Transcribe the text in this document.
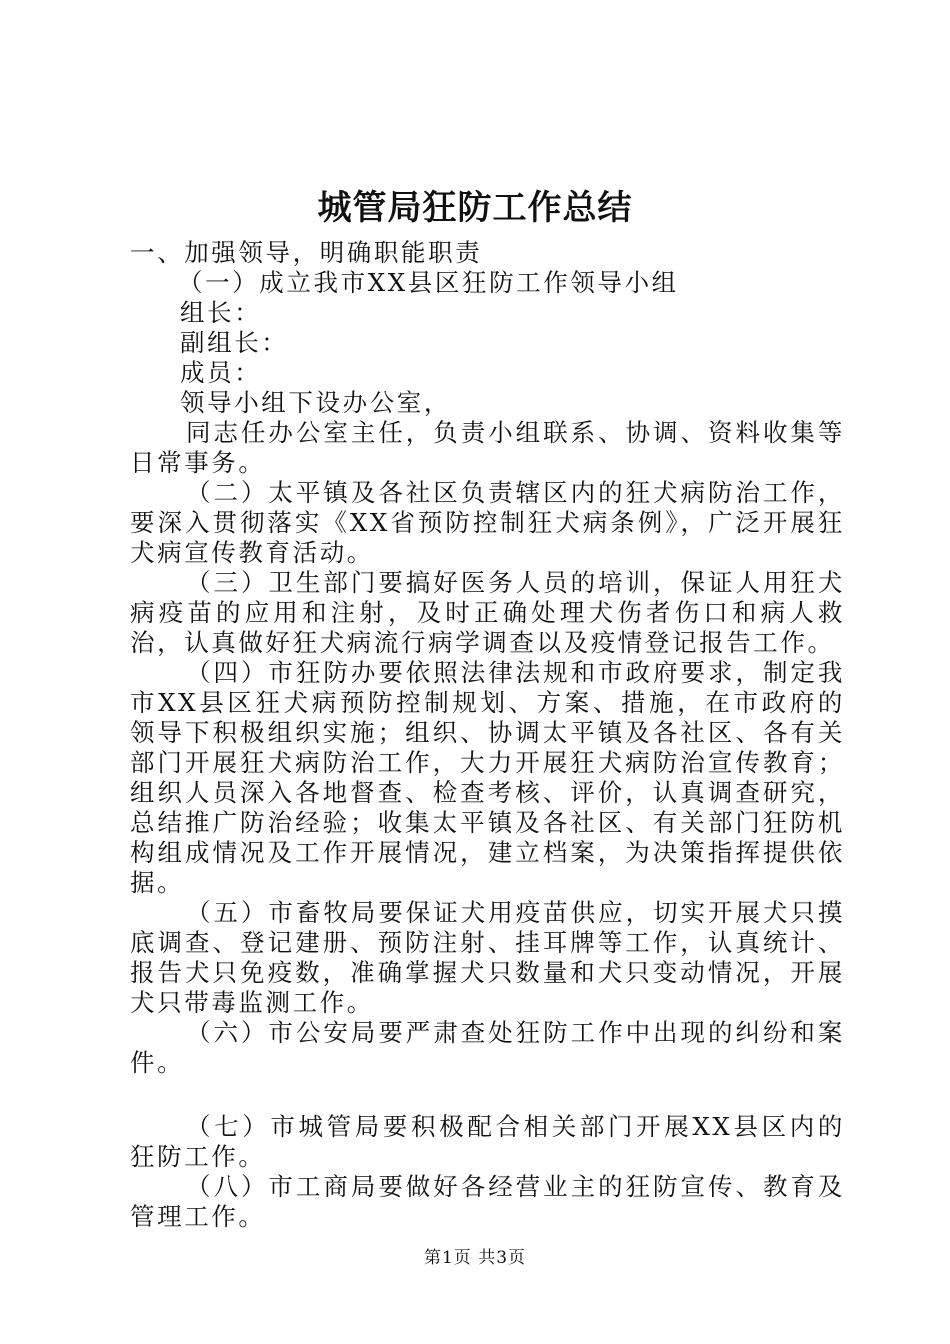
城管局狂防工作总结

一、加强领导，明确职能职责

（一）成立我市XX县区狂防工作领导小组

组长：

副组长：

成员：

领导小组下设办公室，

同志任办公室主任，负责小组联系、协调、资料收集等日常事务。

（二）太平镇及各社区负责辖区内的狂犬病防治工作，要深入贯彻落实《XX省预防控制狂犬病条例》，广泛开展狂犬病宣传教育活动。

（三）卫生部门要搞好医务人员的培训，保证人用狂犬病疫苗的应用和注射，及时正确处理犬伤者伤口和病人救治，认真做好狂犬病流行病学调查以及疫情登记报告工作。

（四）市狂防办要依照法律法规和市政府要求，制定我市XX县区狂犬病预防控制规划、方案、措施，在市政府的领导下积极组织实施；组织、协调太平镇及各社区、各有关部门开展狂犬病防治工作，大力开展狂犬病防治宣传教育；组织人员深入各地督查、检查考核、评价，认真调查研究，总结推广防治经验；收集太平镇及各社区、有关部门狂防机构组成情况及工作开展情况，建立档案，为决策指挥提供依据。

（五）市畜牧局要保证犬用疫苗供应，切实开展犬只摸底调查、登记建册、预防注射、挂耳牌等工作，认真统计、报告犬只免疫数，准确掌握犬只数量和犬只变动情况，开展犬只带毒监测工作。

（六）市公安局要严肃查处狂防工作中出现的纠纷和案件。

（七）市城管局要积极配合相关部门开展XX县区内的狂防工作。

（八）市工商局要做好各经营业主的狂防宣传、教育及管理工作。

第1页 共3页
